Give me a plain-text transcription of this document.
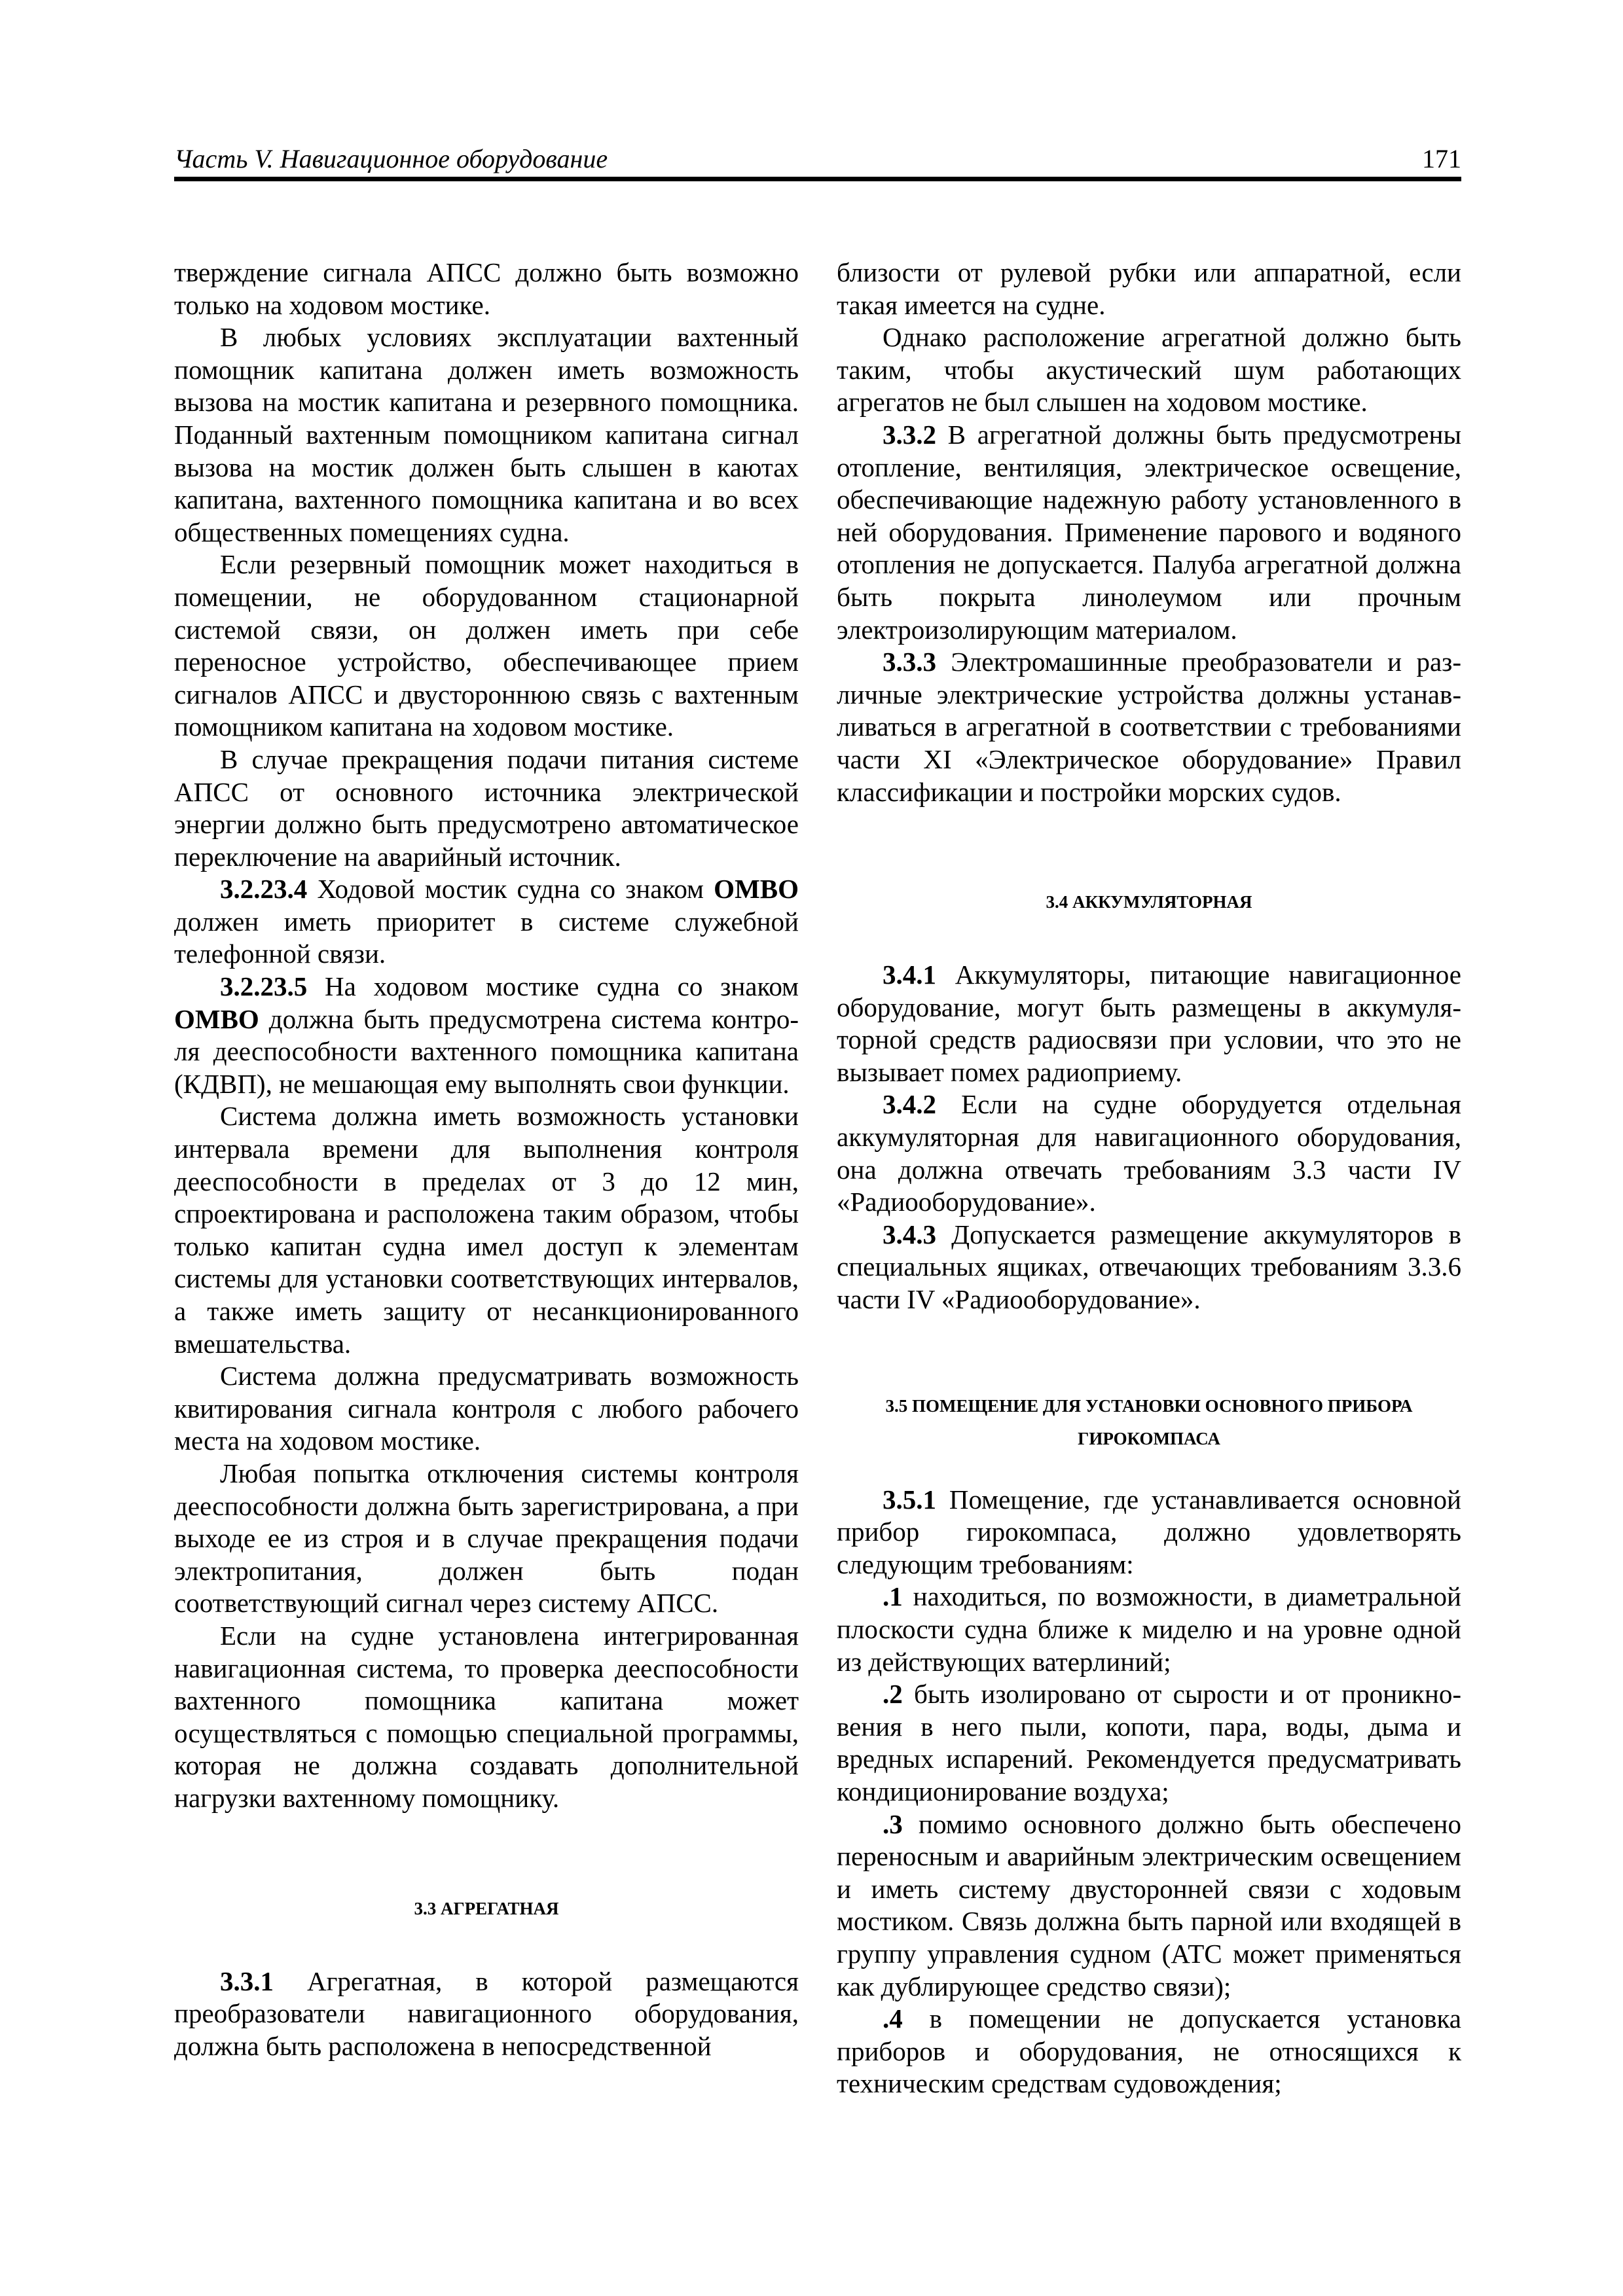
Часть V. Навигационное оборудование	171

тверждение сигнала АПСС должно быть возможно только на ходовом мостике.

В любых условиях эксплуатации вахтенный помощник капитана должен иметь возможность вызова на мостик капитана и резервного помощника. Поданный вахтенным помощником капитана сигнал вызова на мостик должен быть слышен в каютах капитана, вахтенного помощника капитана и во всех общественных помещениях судна.

Если резервный помощник может находиться в помещении, не оборудованном стационарной системой связи, он должен иметь при себе переносное устройство, обеспечивающее прием сигналов АПСС и двустороннюю связь с вахтенным помощником капитана на ходовом мостике.

В случае прекращения подачи питания системе АПСС от основного источника электрической энергии должно быть предусмотрено автоматическое переключение на аварийный источник.

3.2.23.4 Ходовой мостик судна со знаком ОМВО должен иметь приоритет в системе служебной телефонной связи.

3.2.23.5 На ходовом мостике судна со знаком ОМВО должна быть предусмотрена система контроля дееспособности вахтенного помощника капитана (КДВП), не мешающая ему выполнять свои функции.

Система должна иметь возможность установки интервала времени для выполнения контроля дееспособности в пределах от 3 до 12 мин, спроектирована и расположена таким образом, чтобы только капитан судна имел доступ к элементам системы для установки соответствующих интервалов, а также иметь защиту от несанкционированного вмешательства.

Система должна предусматривать возможность квитирования сигнала контроля с любого рабочего места на ходовом мостике.

Любая попытка отключения системы контроля дееспособности должна быть зарегистрирована, а при выходе ее из строя и в случае прекращения подачи электропитания, должен быть подан соответствующий сигнал через систему АПСС.

Если на судне установлена интегрированная навигационная система, то проверка дееспособности вахтенного помощника капитана может осуществляться с помощью специальной программы, которая не должна создавать дополнительной нагрузки вахтенному помощнику.

3.3 АГРЕГАТНАЯ

3.3.1 Агрегатная, в которой размещаются преобразователи навигационного оборудования, должна быть расположена в непосредственной

близости от рулевой рубки или аппаратной, если такая имеется на судне.

Однако расположение агрегатной должно быть таким, чтобы акустический шум работающих агрегатов не был слышен на ходовом мостике.

3.3.2 В агрегатной должны быть предусмотрены отопление, вентиляция, электрическое освещение, обеспечивающие надежную работу установленного в ней оборудования. Применение парового и водяного отопления не допускается. Палуба агрегатной должна быть покрыта линолеумом или прочным электроизолирующим материалом.

3.3.3 Электромашинные преобразователи и различные электрические устройства должны устанавливаться в агрегатной в соответствии с требованиями части XI «Электрическое оборудование» Правил классификации и постройки морских судов.

3.4 АККУМУЛЯТОРНАЯ

3.4.1 Аккумуляторы, питающие навигационное оборудование, могут быть размещены в аккумуляторной средств радиосвязи при условии, что это не вызывает помех радиоприему.

3.4.2 Если на судне оборудуется отдельная аккумуляторная для навигационного оборудования, она должна отвечать требованиям 3.3 части IV «Радиооборудование».

3.4.3 Допускается размещение аккумуляторов в специальных ящиках, отвечающих требованиям 3.3.6 части IV «Радиооборудование».

3.5 ПОМЕЩЕНИЕ ДЛЯ УСТАНОВКИ ОСНОВНОГО ПРИБОРА ГИРОКОМПАСА

3.5.1 Помещение, где устанавливается основной прибор гирокомпаса, должно удовлетворять следующим требованиям:

.1 находиться, по возможности, в диаметральной плоскости судна ближе к миделю и на уровне одной из действующих ватерлиний;

.2 быть изолировано от сырости и от проникновения в него пыли, копоти, пара, воды, дыма и вредных испарений. Рекомендуется предусматривать кондиционирование воздуха;

.3 помимо основного должно быть обеспечено переносным и аварийным электрическим освещением и иметь систему двусторонней связи с ходовым мостиком. Связь должна быть парной или входящей в группу управления судном (АТС может применяться как дублирующее средство связи);

.4 в помещении не допускается установка приборов и оборудования, не относящихся к техническим средствам судовождения;
